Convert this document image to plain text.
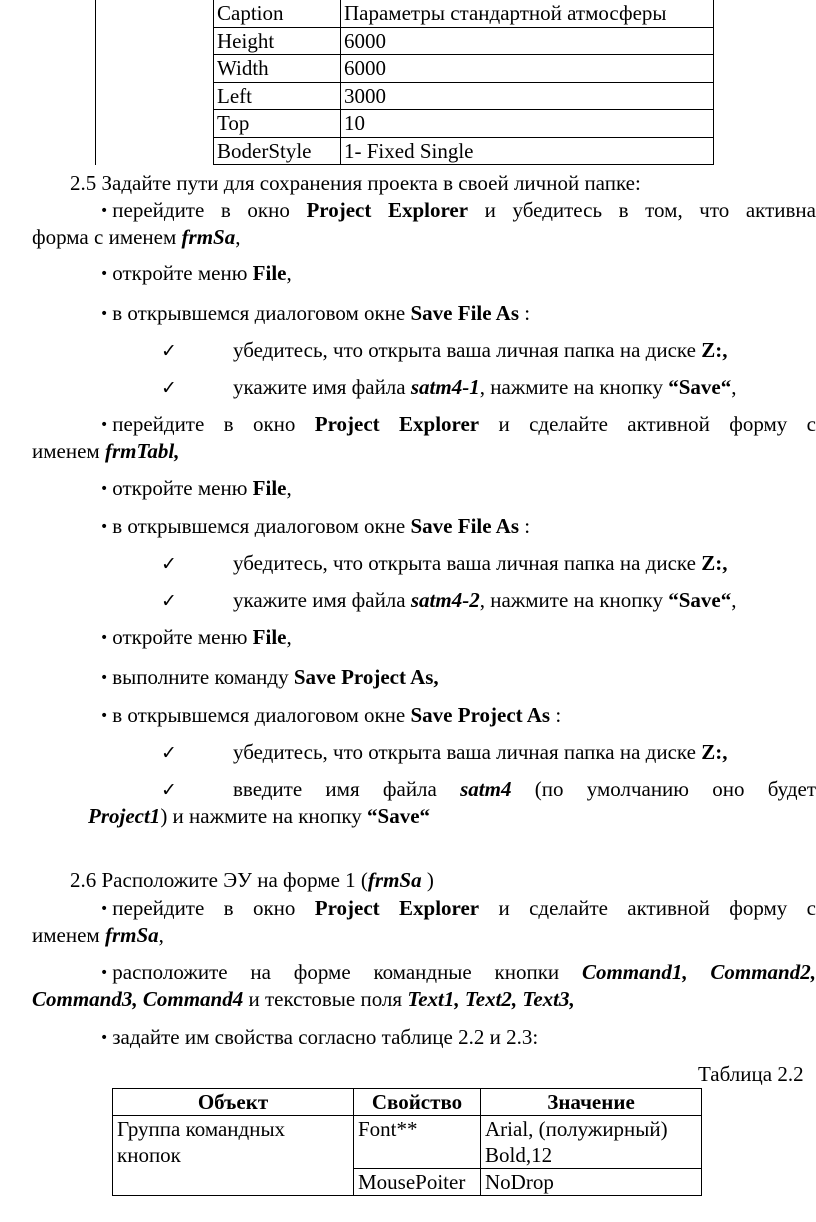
	Caption	Параметры стандартной атмосферы
	Height	6000
	Width	6000
	Left	3000
	Top	10
	BoderStyle	1- Fixed Single
2.5 Задайте пути для сохранения проекта в своей личной папке:
• перейдите в окно Project Explorer и убедитесь в том, что активна
форма с именем frmSa,
• откройте меню File,
• в открывшемся диалоговом окне Save File As :
✓	убедитесь, что открыта ваша личная папка на диске Z:,
✓	укажите имя файла satm4-1, нажмите на кнопку “Save“,
• перейдите в окно Project Explorer и сделайте активной форму с
именем frmTabl,
• откройте меню File,
• в открывшемся диалоговом окне Save File As :
✓	убедитесь, что открыта ваша личная папка на диске Z:,
✓	укажите имя файла satm4-2, нажмите на кнопку “Save“,
• откройте меню File,
• выполните команду Save Project As,
• в открывшемся диалоговом окне Save Project As :
✓	убедитесь, что открыта ваша личная папка на диске Z:,
✓	введите имя файла satm4 (по умолчанию оно будет
Project1) и нажмите на кнопку “Save“
2.6 Расположите ЭУ на форме 1 (frmSa )
• перейдите в окно Project Explorer и сделайте активной форму с
именем frmSa,
• расположите на форме командные кнопки Command1, Command2,
Command3, Command4 и текстовые поля Text1, Text2, Text3,
• задайте им свойства согласно таблице 2.2 и 2.3:
Таблица 2.2
Объект	Свойство	Значение
Группа командных кнопок	Font**	Arial, (полужирный) Bold,12
	MousePoiter	NoDrop
